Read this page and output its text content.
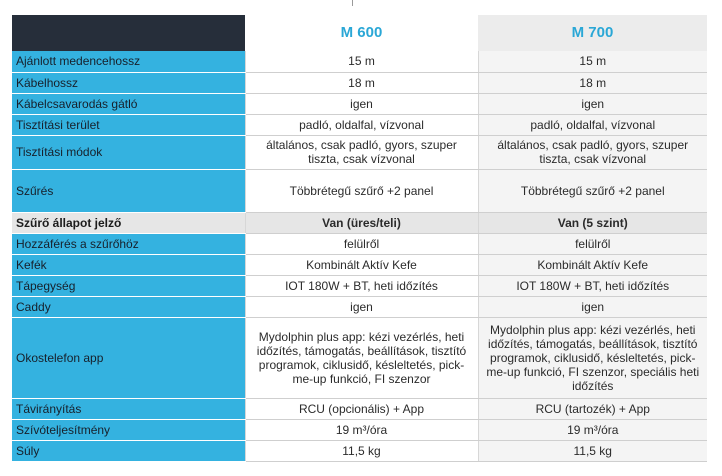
	M 600	M 700
Ajánlott medencehossz	15 m	15 m
Kábelhossz	18 m	18 m
Kábelcsavarodás gátló	igen	igen
Tisztítási terület	padló, oldalfal, vízvonal	padló, oldalfal, vízvonal
Tisztítási módok	általános, csak padló, gyors, szuper tiszta, csak vízvonal	általános, csak padló, gyors, szuper tiszta, csak vízvonal
Szűrés	Többrétegű szűrő +2 panel	Többrétegű szűrő +2 panel
Szűrő állapot jelző	Van (üres/teli)	Van (5 szint)
Hozzáférés a szűrőhöz	felülről	felülről
Kefék	Kombinált Aktív Kefe	Kombinált Aktív Kefe
Tápegység	IOT 180W + BT, heti időzítés	IOT 180W + BT, heti időzítés
Caddy	igen	igen
Okostelefon app	Mydolphin plus app: kézi vezérlés, heti időzítés, támogatás, beállítások, tisztító programok, ciklusidő, késleltetés, pick-me-up funkció, FI szenzor	Mydolphin plus app: kézi vezérlés, heti időzítés, támogatás, beállítások, tisztító programok, ciklusidő, késleltetés, pick-me-up funkció, FI szenzor, speciális heti időzítés
Távirányítás	RCU (opcionális) + App	RCU (tartozék) + App
Szívóteljesítmény	19 m³/óra	19 m³/óra
Súly	11,5 kg	11,5 kg
